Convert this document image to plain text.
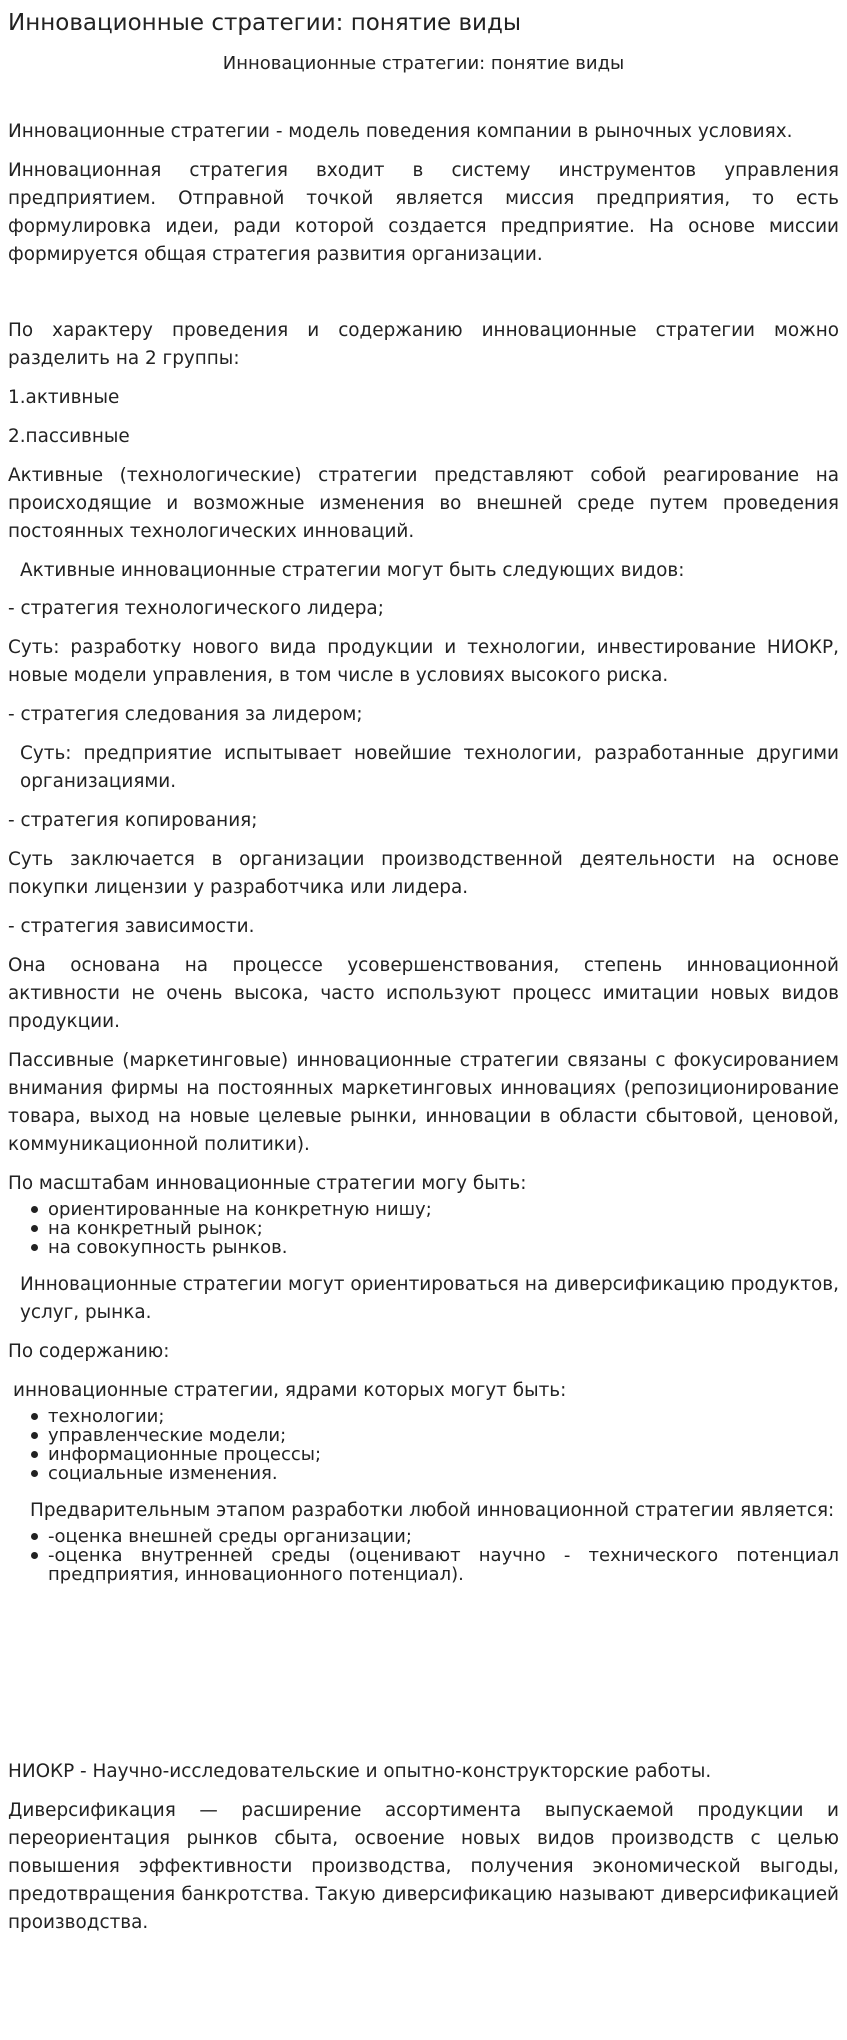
Инновационные стратегии: понятие виды
Инновационные стратегии: понятие виды

Инновационные стратегии - модель поведения компании в рыночных условиях.

Инновационная стратегия входит в систему инструментов управления предприятием. Отправной точкой является миссия предприятия, то есть формулировка идеи, ради которой создается предприятие. На основе миссии формируется общая стратегия развития организации.

По характеру проведения и содержанию инновационные стратегии можно разделить на 2 группы:

1.активные

2.пассивные

Активные (технологические) стратегии представляют собой реагирование на происходящие и возможные изменения во внешней среде путем проведения постоянных технологических инноваций.

Активные инновационные стратегии могут быть следующих видов:

- стратегия технологического лидера;

Суть: разработку нового вида продукции и технологии, инвестирование НИОКР, новые модели управления, в том числе в условиях высокого риска.

- стратегия следования за лидером;

Суть: предприятие испытывает новейшие технологии, разработанные другими организациями.

- стратегия копирования;

Суть заключается в организации производственной деятельности на основе покупки лицензии у разработчика или лидера.

- стратегия зависимости.

Она основана на процессе усовершенствования, степень инновационной активности не очень высока, часто используют процесс имитации новых видов продукции.

Пассивные (маркетинговые) инновационные стратегии связаны с фокусированием внимания фирмы на постоянных маркетинговых инновациях (репозиционирование товара, выход на новые целевые рынки, инновации в области сбытовой, ценовой, коммуникационной политики).

По масштабам инновационные стратегии могу быть:

ориентированные на конкретную нишу;
на конкретный рынок;
на совокупность рынков.

Инновационные стратегии могут ориентироваться на диверсификацию продуктов, услуг, рынка.

По содержанию:

инновационные стратегии, ядрами которых могут быть:

технологии;
управленческие модели;
информационные процессы;
социальные изменения.

Предварительным этапом разработки любой инновационной стратегии является:

-оценка внешней среды организации;
-оценка внутренней среды (оценивают научно - технического потенциал предприятия, инновационного потенциал).

НИОКР - Научно-исследовательские и опытно-конструкторские работы.

Диверсификация — расширение ассортимента выпускаемой продукции и переориентация рынков сбыта, освоение новых видов производств с целью повышения эффективности производства, получения экономической выгоды, предотвращения банкротства. Такую диверсификацию называют диверсификацией производства.
